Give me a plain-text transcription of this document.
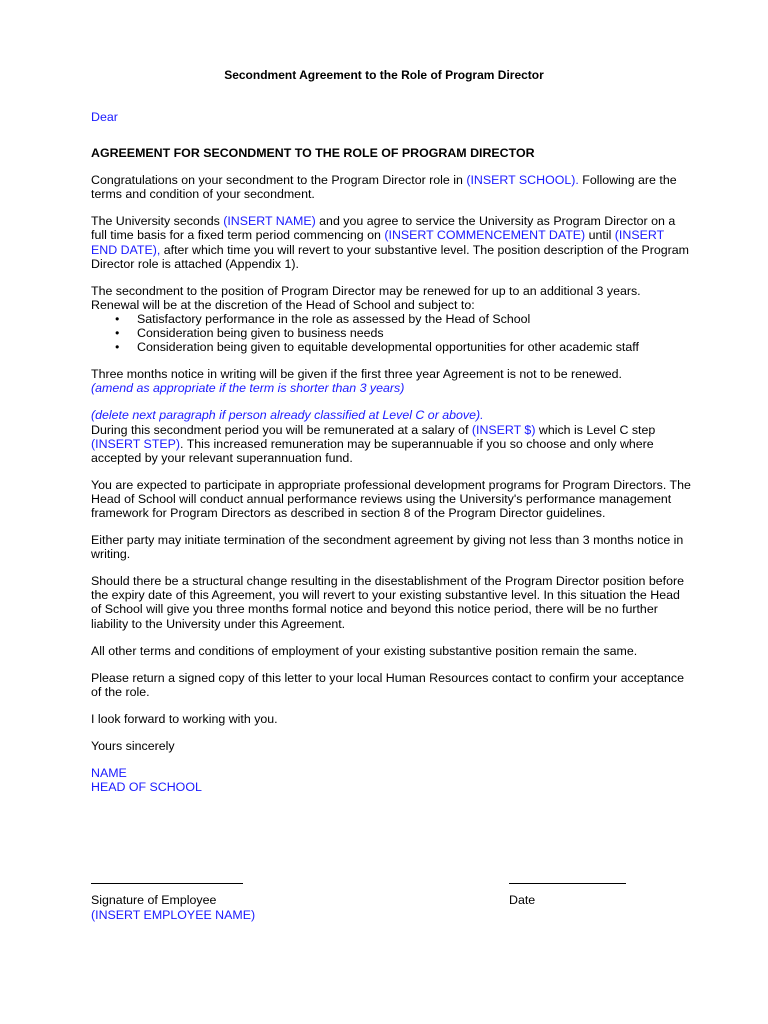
Secondment Agreement to the Role of Program Director

Dear

AGREEMENT FOR SECONDMENT TO THE ROLE OF PROGRAM DIRECTOR

Congratulations on your secondment to the Program Director role in (INSERT SCHOOL). Following are the terms and condition of your secondment.

The University seconds (INSERT NAME) and you agree to service the University as Program Director on a full time basis for a fixed term period commencing on (INSERT COMMENCEMENT DATE) until (INSERT END DATE), after which time you will revert to your substantive level. The position description of the Program Director role is attached (Appendix 1).

The secondment to the position of Program Director may be renewed for up to an additional 3 years. Renewal will be at the discretion of the Head of School and subject to:

• Satisfactory performance in the role as assessed by the Head of School
• Consideration being given to business needs
• Consideration being given to equitable developmental opportunities for other academic staff

Three months notice in writing will be given if the first three year Agreement is not to be renewed.

(amend as appropriate if the term is shorter than 3 years)

(delete next paragraph if person already classified at Level C or above).

During this secondment period you will be remunerated at a salary of (INSERT $) which is Level C step (INSERT STEP). This increased remuneration may be superannuable if you so choose and only where accepted by your relevant superannuation fund.

You are expected to participate in appropriate professional development programs for Program Directors. The Head of School will conduct annual performance reviews using the University's performance management framework for Program Directors as described in section 8 of the Program Director guidelines.

Either party may initiate termination of the secondment agreement by giving not less than 3 months notice in writing.

Should there be a structural change resulting in the disestablishment of the Program Director position before the expiry date of this Agreement, you will revert to your existing substantive level. In this situation the Head of School will give you three months formal notice and beyond this notice period, there will be no further liability to the University under this Agreement.

All other terms and conditions of employment of your existing substantive position remain the same.

Please return a signed copy of this letter to your local Human Resources contact to confirm your acceptance of the role.

I look forward to working with you.

Yours sincerely

NAME

HEAD OF SCHOOL

Signature of Employee	Date
(INSERT EMPLOYEE NAME)
